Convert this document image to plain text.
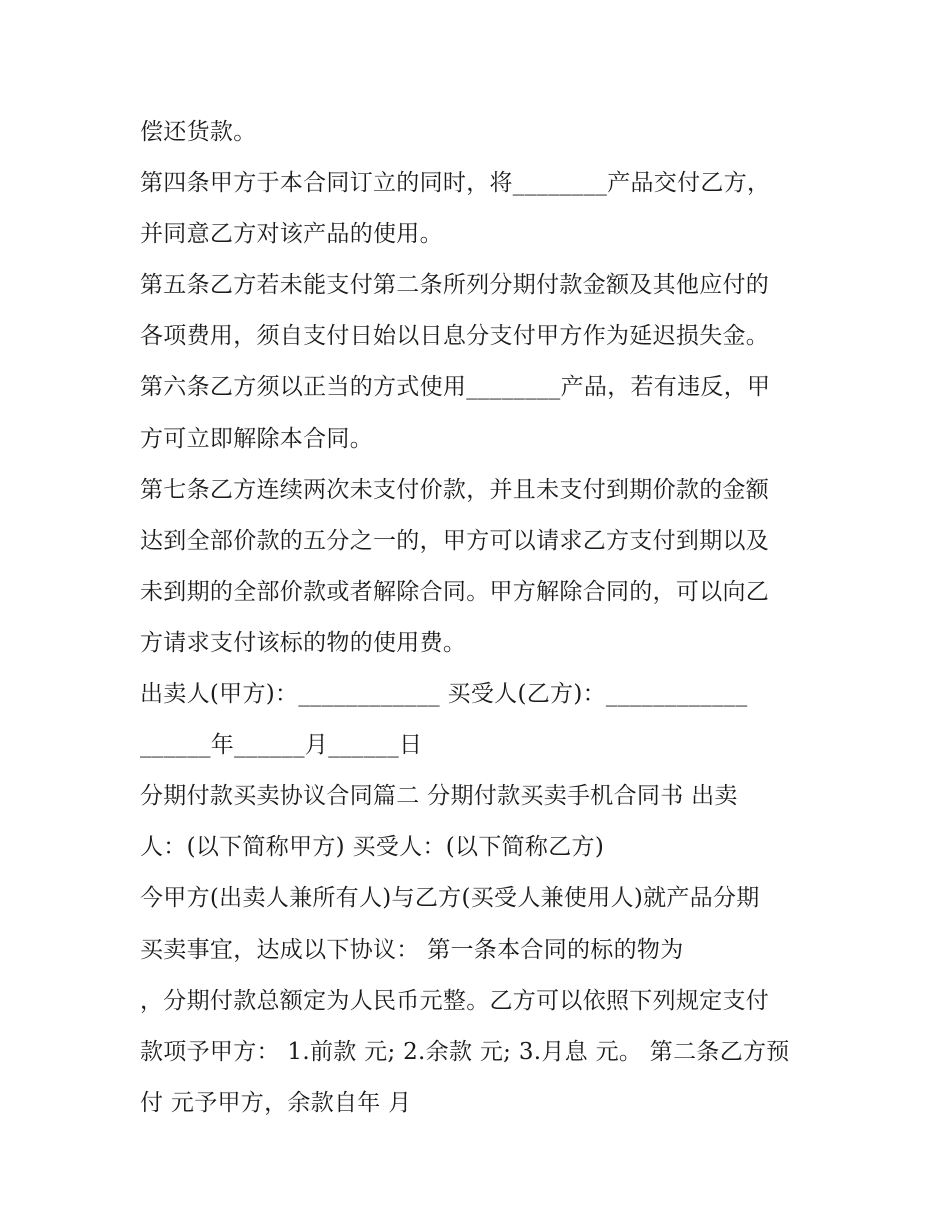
偿还货款。
第四条甲方于本合同订立的同时，将________产品交付乙方，
并同意乙方对该产品的使用。
第五条乙方若未能支付第二条所列分期付款金额及其他应付的
各项费用，须自支付日始以日息分支付甲方作为延迟损失金。
第六条乙方须以正当的方式使用________产品，若有违反，甲
方可立即解除本合同。
第七条乙方连续两次未支付价款，并且未支付到期价款的金额
达到全部价款的五分之一的，甲方可以请求乙方支付到期以及
未到期的全部价款或者解除合同。甲方解除合同的，可以向乙
方请求支付该标的物的使用费。
出卖人(甲方)：____________ 买受人(乙方)：____________
______年______月______日
分期付款买卖协议合同篇二 分期付款买卖手机合同书 出卖
人：(以下简称甲方) 买受人：(以下简称乙方)
今甲方(出卖人兼所有人)与乙方(买受人兼使用人)就产品分期
买卖事宜，达成以下协议： 第一条本合同的标的物为
，分期付款总额定为人民币元整。乙方可以依照下列规定支付
款项予甲方： 1.前款 元; 2.余款 元; 3.月息 元。 第二条乙方预
付 元予甲方，余款自年 月
